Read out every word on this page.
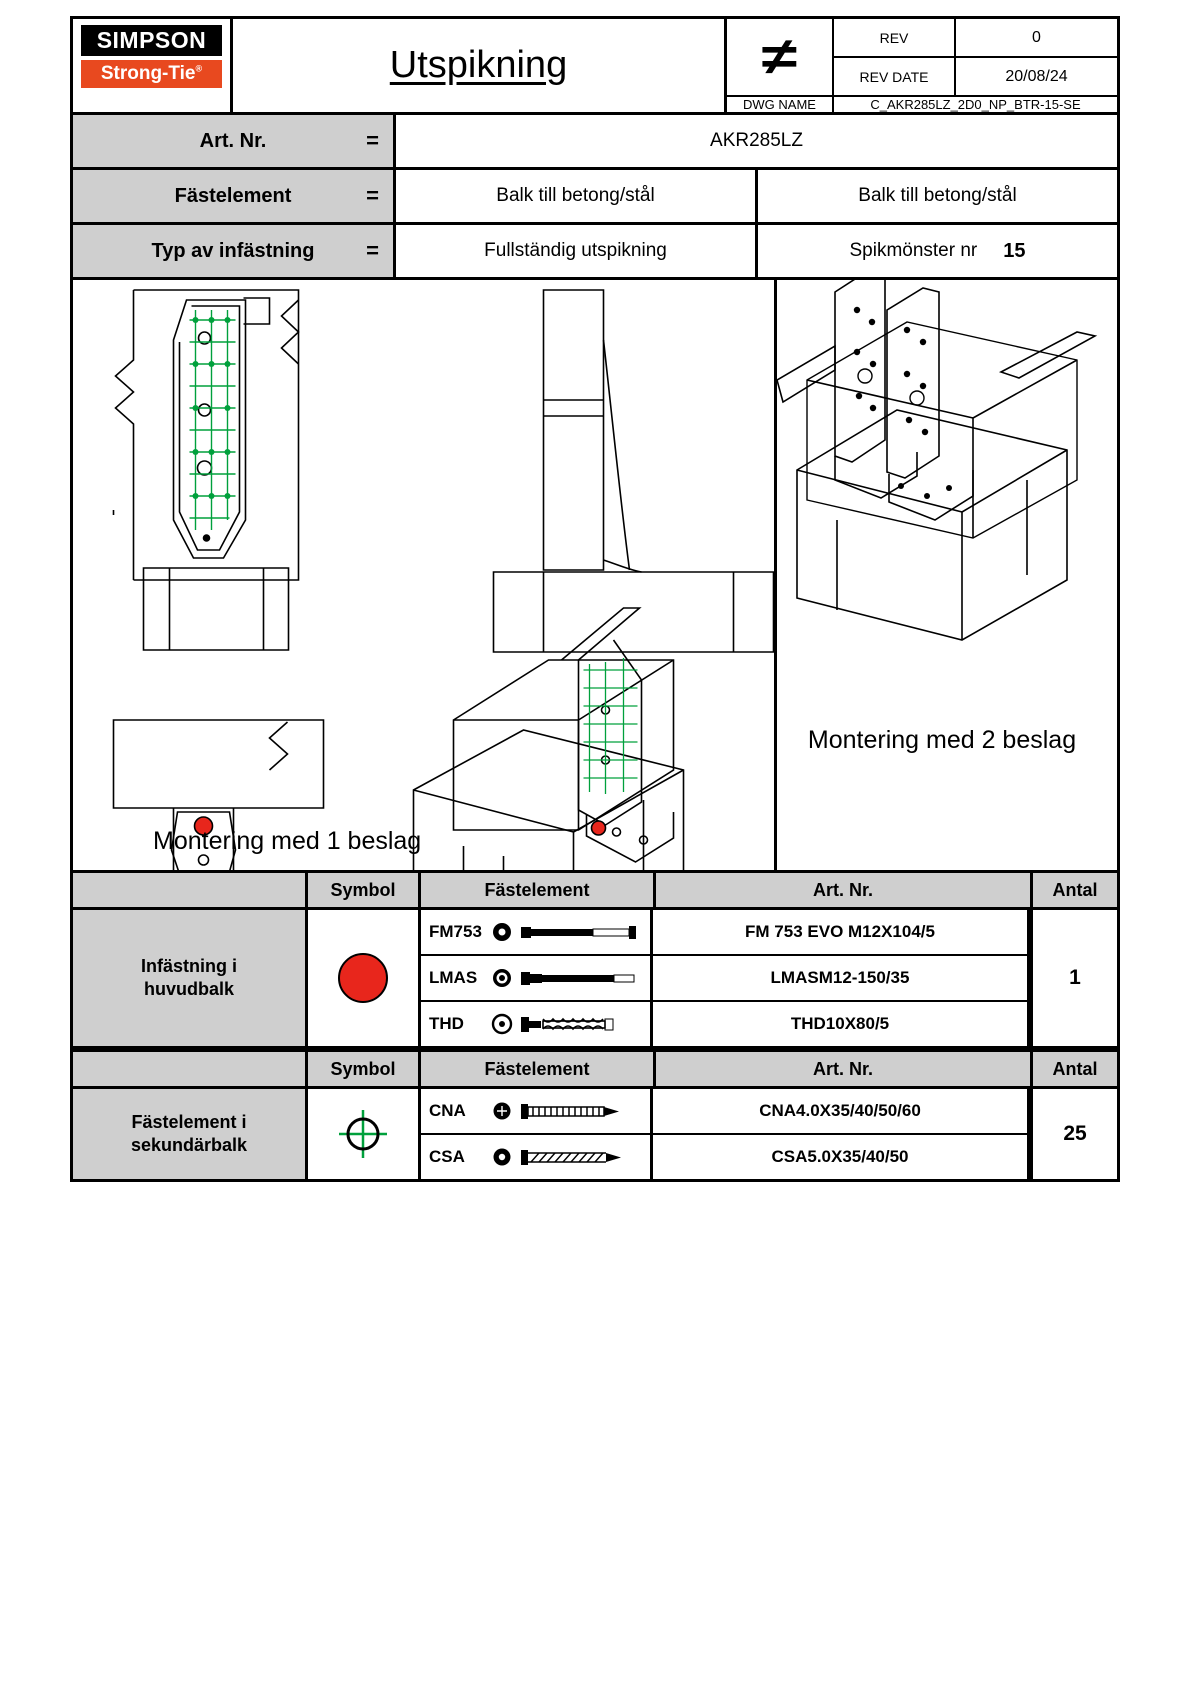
SIMPSON
Strong-Tie®	Utspikning	≠	REV	0
REV DATE	20/08/24
DWG NAME	C_AKR285LZ_2D0_NP_BTR-15-SE
Art. Nr.	=	AKR285LZ
Fästelement	=	Balk till betong/stål	Balk till betong/stål
Typ av infästning =	Fullständig utspikning	Spikmönster nr 15
Montering med 1 beslag
Montering med 2 beslag
Symbol	Fästelement	Art. Nr.	Antal
Infästning i
huvudbalk
FM753	FM 753 EVO M12X104/5
LMAS	LMASM12-150/35
THD	THD10X80/5
1
Symbol	Fästelement	Art. Nr.	Antal
Fästelement i
sekundärbalk
CNA	CNA4.0X35/40/50/60
CSA	CSA5.0X35/40/50
25
